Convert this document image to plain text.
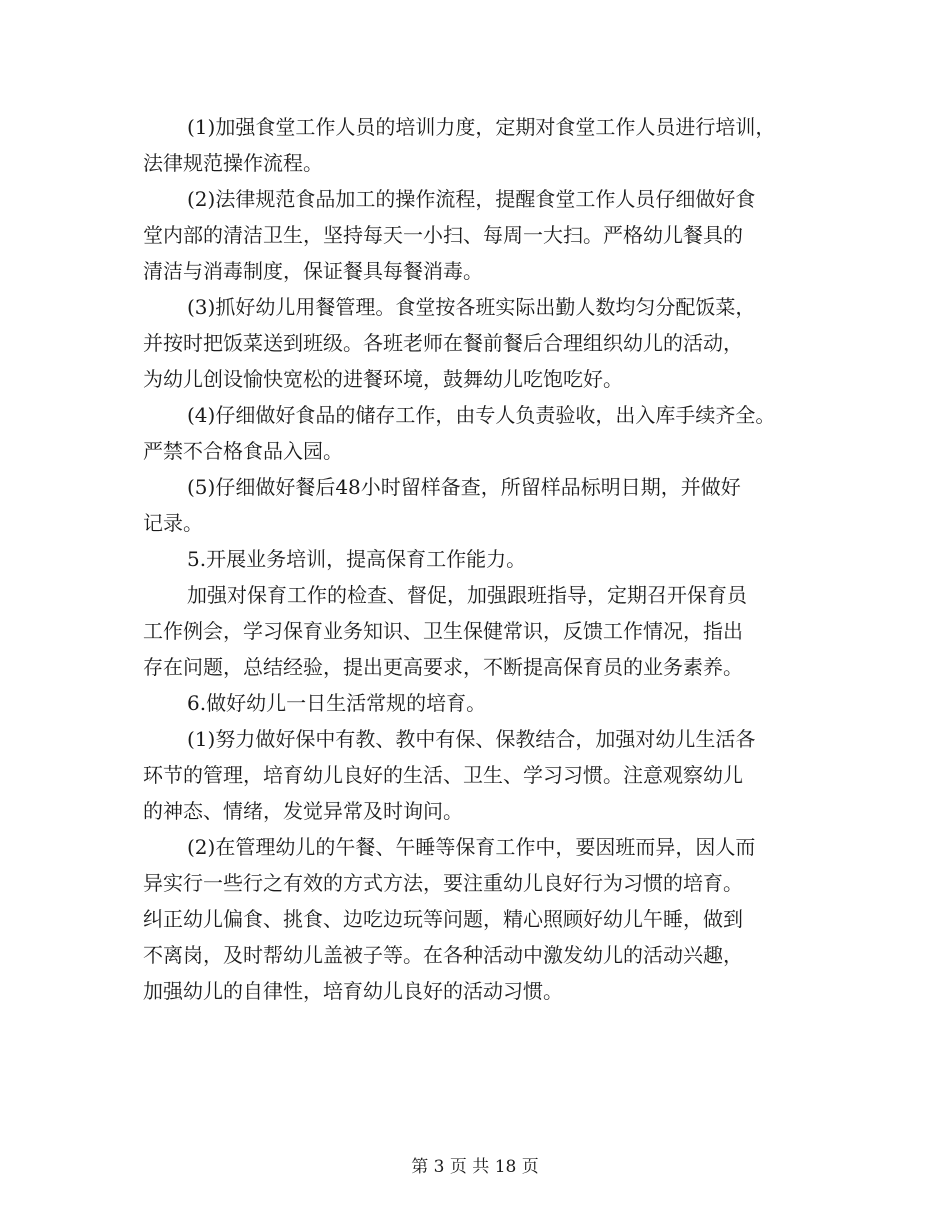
(1)加强食堂工作人员的培训力度，定期对食堂工作人员进行培训，
法律规范操作流程。
(2)法律规范食品加工的操作流程，提醒食堂工作人员仔细做好食
堂内部的清洁卫生，坚持每天一小扫、每周一大扫。严格幼儿餐具的
清洁与消毒制度，保证餐具每餐消毒。
(3)抓好幼儿用餐管理。食堂按各班实际出勤人数均匀分配饭菜，
并按时把饭菜送到班级。各班老师在餐前餐后合理组织幼儿的活动，
为幼儿创设愉快宽松的进餐环境，鼓舞幼儿吃饱吃好。
(4)仔细做好食品的储存工作，由专人负责验收，出入库手续齐全。
严禁不合格食品入园。
(5)仔细做好餐后48小时留样备查，所留样品标明日期，并做好
记录。
5.开展业务培训，提高保育工作能力。
加强对保育工作的检查、督促，加强跟班指导，定期召开保育员
工作例会，学习保育业务知识、卫生保健常识，反馈工作情况，指出
存在问题，总结经验，提出更高要求，不断提高保育员的业务素养。
6.做好幼儿一日生活常规的培育。
(1)努力做好保中有教、教中有保、保教结合，加强对幼儿生活各
环节的管理，培育幼儿良好的生活、卫生、学习习惯。注意观察幼儿
的神态、情绪，发觉异常及时询问。
(2)在管理幼儿的午餐、午睡等保育工作中，要因班而异，因人而
异实行一些行之有效的方式方法，要注重幼儿良好行为习惯的培育。
纠正幼儿偏食、挑食、边吃边玩等问题，精心照顾好幼儿午睡，做到
不离岗，及时帮幼儿盖被子等。在各种活动中激发幼儿的活动兴趣，
加强幼儿的自律性，培育幼儿良好的活动习惯。
第 3 页 共 18 页
